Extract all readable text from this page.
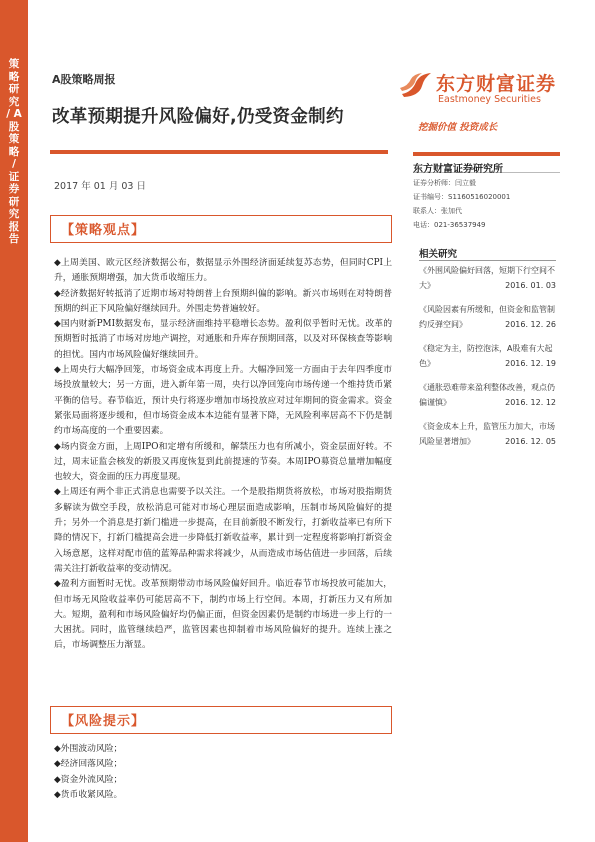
策略研究 / A股策略 / 证券研究报告
A股策略周报
改革预期提升风险偏好,仍受资金制约
2017 年 01 月 03 日
东方财富证券
Eastmoney Securities
挖掘价值 投资成长
东方财富证券研究所
证券分析师：闫立毅
证书编号：S1160516020001
联系人：张加代
电话：021-36537949
相关研究
《外围风险偏好回落，短期下行空间不大》	2016. 01. 03
《风险因素有所缓和，但资金和监管制约反弹空间》	2016. 12. 26
《稳定为主，防控泡沫，A股难有大起色》	2016. 12. 19
《通胀恐难带来盈利整体改善，观点仍偏谨慎》	2016. 12. 12
《资金成本上升，监管压力加大，市场风险显著增加》	2016. 12. 05
【策略观点】

◆上周美国、欧元区经济数据公布，数据显示外围经济面延续复苏态势，但同时CPI上升，通胀预期增强，加大货币收缩压力。

◆经济数据好转抵消了近期市场对特朗普上台预期纠偏的影响。新兴市场则在对特朗普预期的纠正下风险偏好继续回升。外围走势普遍较好。

◆国内财新PMI数据发布，显示经济面维持平稳增长态势。盈利似乎暂时无忧。改革的预期暂时抵消了市场对房地产调控，对通胀和升库存预期回落，以及对环保核查等影响的担忧。国内市场风险偏好继续回升。

◆上周央行大幅净回笼，市场资金成本再度上升。大幅净回笼一方面由于去年四季度市场投放量较大；另一方面，进入新年第一周，央行以净回笼向市场传递一个维持货币紧平衡的信号。春节临近，预计央行将逐步增加市场投放应对过年期间的资金需求。资金紧张局面将逐步缓和，但市场资金成本本边能有显著下降，无风险利率居高不下仍是制约市场高度的一个重要因素。

◆场内资金方面，上周IPO和定增有所缓和，解禁压力也有所减小，资金层面好转。不过，周末证监会核发的新股又再度恢复到此前提速的节奏。本周IPO募资总量增加幅度也较大，资金面的压力再度显现。

◆上周还有两个非正式消息也需要予以关注。一个是股指期货将放松，市场对股指期货多解读为做空手段，放松消息可能对市场心理层面造成影响，压制市场风险偏好的提升；另外一个消息是打新门槛进一步提高，在目前新股不断发行，打新收益率已有所下降的情况下，打新门槛提高会进一步降低打新收益率，累计到一定程度将影响打新资金入场意愿，这样对配市值的蓝筹品种需求将减少，从而造成市场估值进一步回落，后续需关注打新收益率的变动情况。

◆盈利方面暂时无忧。改革预期带动市场风险偏好回升。临近春节市场投放可能加大，但市场无风险收益率仍可能居高不下，制约市场上行空间。本周，打新压力又有所加大。短期，盈利和市场风险偏好均仍偏正面，但资金因素仍是制约市场进一步上行的一大困扰。同时，监管继续趋严，监管因素也抑制着市场风险偏好的提升。连续上涨之后，市场调整压力渐显。

【风险提示】
◆外围波动风险；
◆经济回落风险；
◆资金外流风险；
◆货币收紧风险。
